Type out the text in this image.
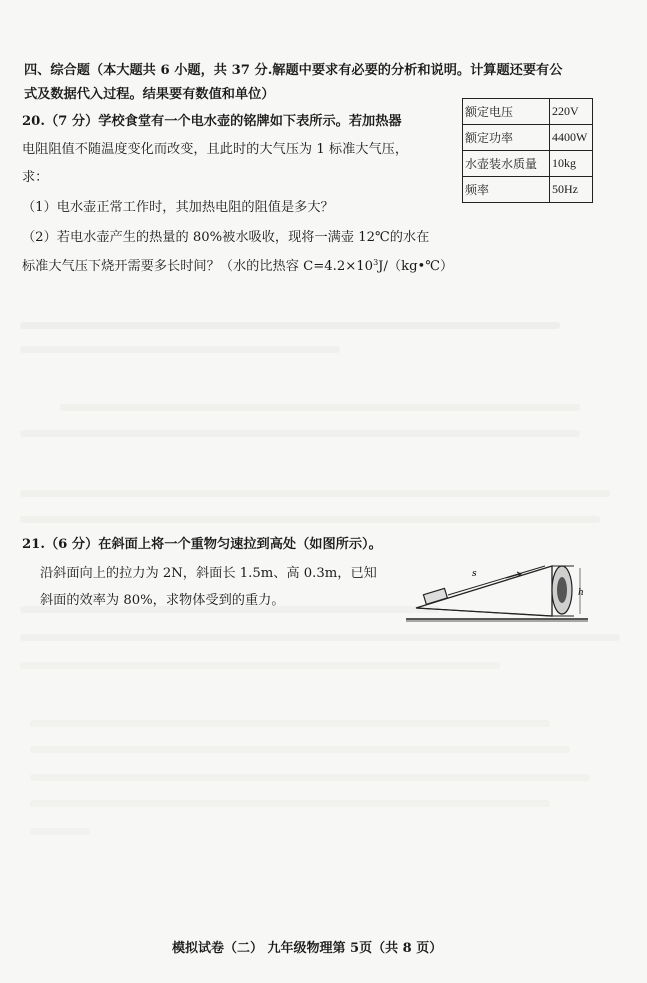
四、综合题（本大题共 6 小题，共 37 分.解题中要求有必要的分析和说明。计算题还要有公
式及数据代入过程。结果要有数值和单位）
20.（7 分）学校食堂有一个电水壶的铭牌如下表所示。若加热器
电阻阻值不随温度变化而改变，且此时的大气压为 1 标准大气压，
求：
（1）电水壶正常工作时，其加热电阻的阻值是多大？
（2）若电水壶产生的热量的 80%被水吸收，现将一满壶 12℃的水在
标准大气压下烧开需要多长时间？（水的比热容 $C=4.2\times 10^3J/(kg•℃)$
额定电压	220V
额定功率	4400W
水壶装水质量	10kg
频率	50Hz
21.（6 分）在斜面上将一个重物匀速拉到高处（如图所示）。
沿斜面向上的拉力为 2N，斜面长 1.5m、高 0.3m，已知
斜面的效率为 80%，求物体受到的重力。
s
h
模拟试卷（二） 九年级物理第 5页（共 8 页）
